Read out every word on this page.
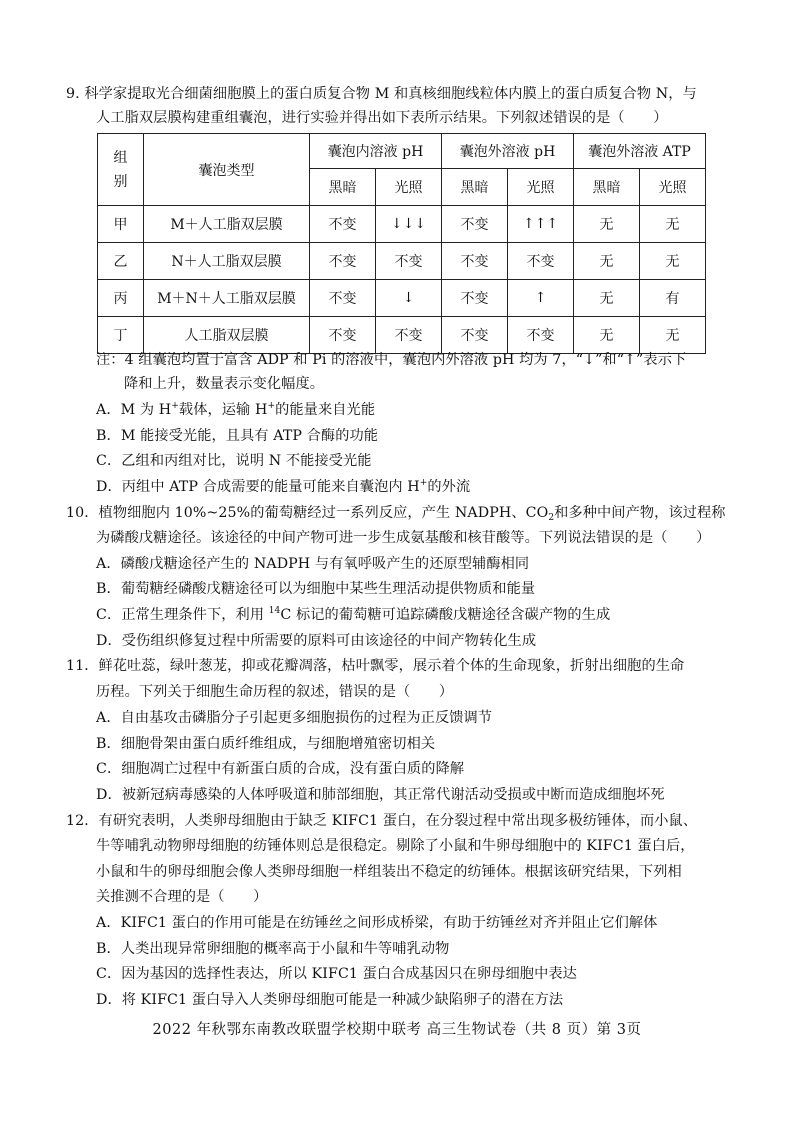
9. 科学家提取光合细菌细胞膜上的蛋白质复合物 M 和真核细胞线粒体内膜上的蛋白质复合物 N，与
人工脂双层膜构建重组囊泡，进行实验并得出如下表所示结果。下列叙述错误的是（　　）
组
别	囊泡类型	囊泡内溶液 pH		囊泡外溶液 pH		囊泡外溶液 ATP	
		黑暗	光照	黑暗	光照	黑暗	光照
甲	M＋人工脂双层膜	不变	↓↓↓	不变	↑↑↑	无	无
乙	N＋人工脂双层膜	不变	不变	不变	不变	无	无
丙	M＋N＋人工脂双层膜	不变	↓	不变	↑	无	有
丁	人工脂双层膜	不变	不变	不变	不变	无	无
注：4 组囊泡均置于富含 ADP 和 Pi 的溶液中，囊泡内外溶液 pH 均为 7，“↓”和“↑”表示下
降和上升，数量表示变化幅度。
A．M 为 H+载体，运输 H+的能量来自光能
B．M 能接受光能，且具有 ATP 合酶的功能
C．乙组和丙组对比，说明 N 不能接受光能
D．丙组中 ATP 合成需要的能量可能来自囊泡内 H+的外流
10．植物细胞内 10%~25%的葡萄糖经过一系列反应，产生 NADPH、$CO_2$和多种中间产物，该过程称
为磷酸戊糖途径。该途径的中间产物可进一步生成氨基酸和核苷酸等。下列说法错误的是（　　）
A．磷酸戊糖途径产生的 NADPH 与有氧呼吸产生的还原型辅酶相同
B．葡萄糖经磷酸戊糖途径可以为细胞中某些生理活动提供物质和能量
C．正常生理条件下，利用 $^{14}$C 标记的葡萄糖可追踪磷酸戊糖途径含碳产物的生成
D．受伤组织修复过程中所需要的原料可由该途径的中间产物转化生成
11．鲜花吐蕊，绿叶葱茏，抑或花瓣凋落，枯叶飘零，展示着个体的生命现象，折射出细胞的生命
历程。下列关于细胞生命历程的叙述，错误的是（　　）
A．自由基攻击磷脂分子引起更多细胞损伤的过程为正反馈调节
B．细胞骨架由蛋白质纤维组成，与细胞增殖密切相关
C．细胞凋亡过程中有新蛋白质的合成，没有蛋白质的降解
D．被新冠病毒感染的人体呼吸道和肺部细胞，其正常代谢活动受损或中断而造成细胞坏死
12．有研究表明，人类卵母细胞由于缺乏 KIFC1 蛋白，在分裂过程中常出现多极纺锤体，而小鼠、
牛等哺乳动物卵母细胞的纺锤体则总是很稳定。剔除了小鼠和牛卵母细胞中的 KIFC1 蛋白后，
小鼠和牛的卵母细胞会像人类卵母细胞一样组装出不稳定的纺锤体。根据该研究结果，下列相
关推测不合理的是（　　）
A．KIFC1 蛋白的作用可能是在纺锤丝之间形成桥梁，有助于纺锤丝对齐并阻止它们解体
B．人类出现异常卵细胞的概率高于小鼠和牛等哺乳动物
C．因为基因的选择性表达，所以 KIFC1 蛋白合成基因只在卵母细胞中表达
D．将 KIFC1 蛋白导入人类卵母细胞可能是一种减少缺陷卵子的潜在方法
2022 年秋鄂东南教改联盟学校期中联考 高三生物试卷（共 8 页）第 3页
